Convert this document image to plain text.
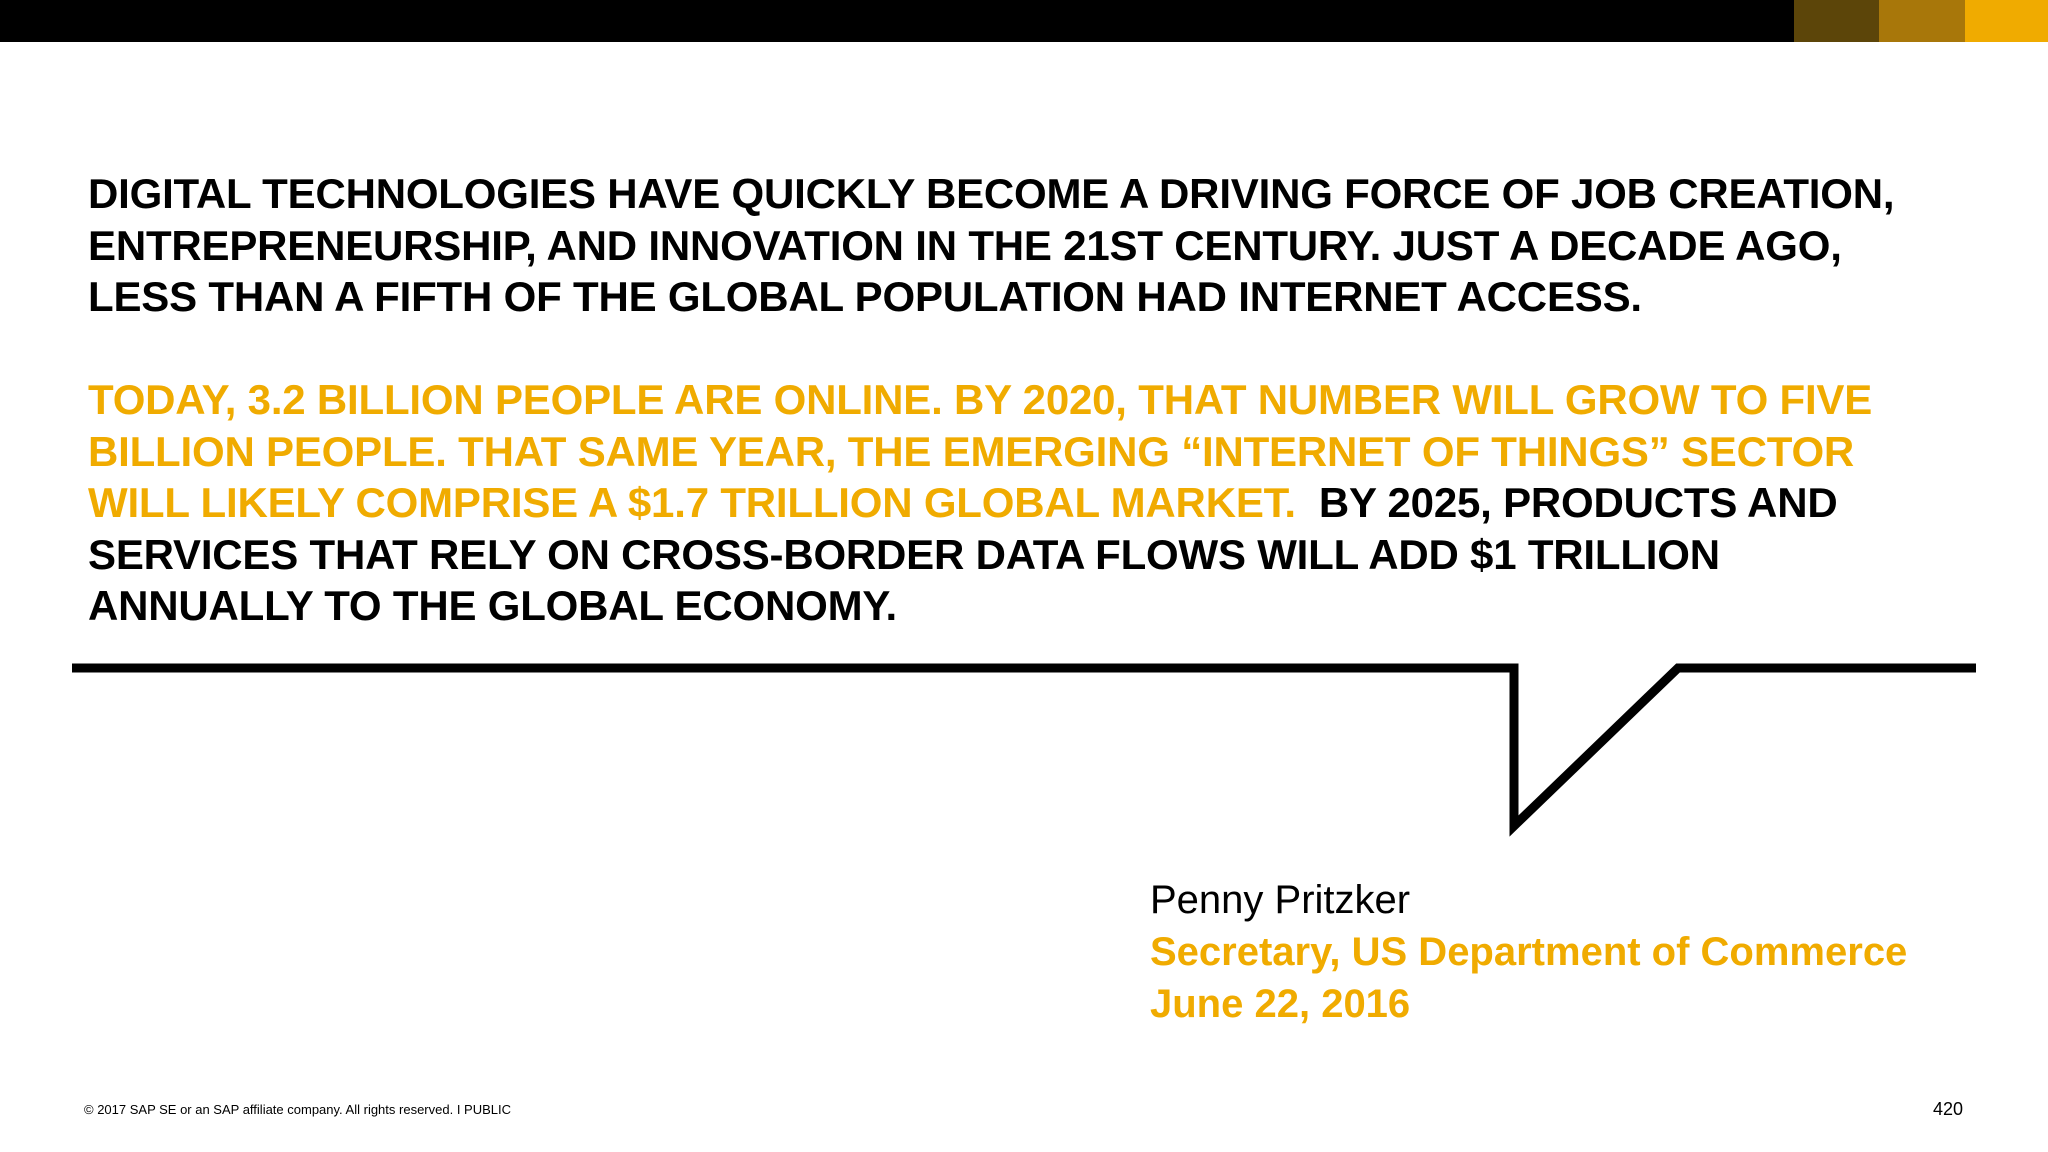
DIGITAL TECHNOLOGIES HAVE QUICKLY BECOME A DRIVING FORCE OF JOB CREATION,

ENTREPRENEURSHIP, AND INNOVATION IN THE 21ST CENTURY. JUST A DECADE AGO,

LESS THAN A FIFTH OF THE GLOBAL POPULATION HAD INTERNET ACCESS.

TODAY, 3.2 BILLION PEOPLE ARE ONLINE. BY 2020, THAT NUMBER WILL GROW TO FIVE

BILLION PEOPLE. THAT SAME YEAR, THE EMERGING “INTERNET OF THINGS” SECTOR

WILL LIKELY COMPRISE A $1.7 TRILLION GLOBAL MARKET.  BY 2025, PRODUCTS AND

SERVICES THAT RELY ON CROSS-BORDER DATA FLOWS WILL ADD $1 TRILLION

ANNUALLY TO THE GLOBAL ECONOMY.

Penny Pritzker
Secretary, US Department of Commerce
June 22, 2016
© 2017 SAP SE or an SAP affiliate company. All rights reserved. I PUBLIC	420
